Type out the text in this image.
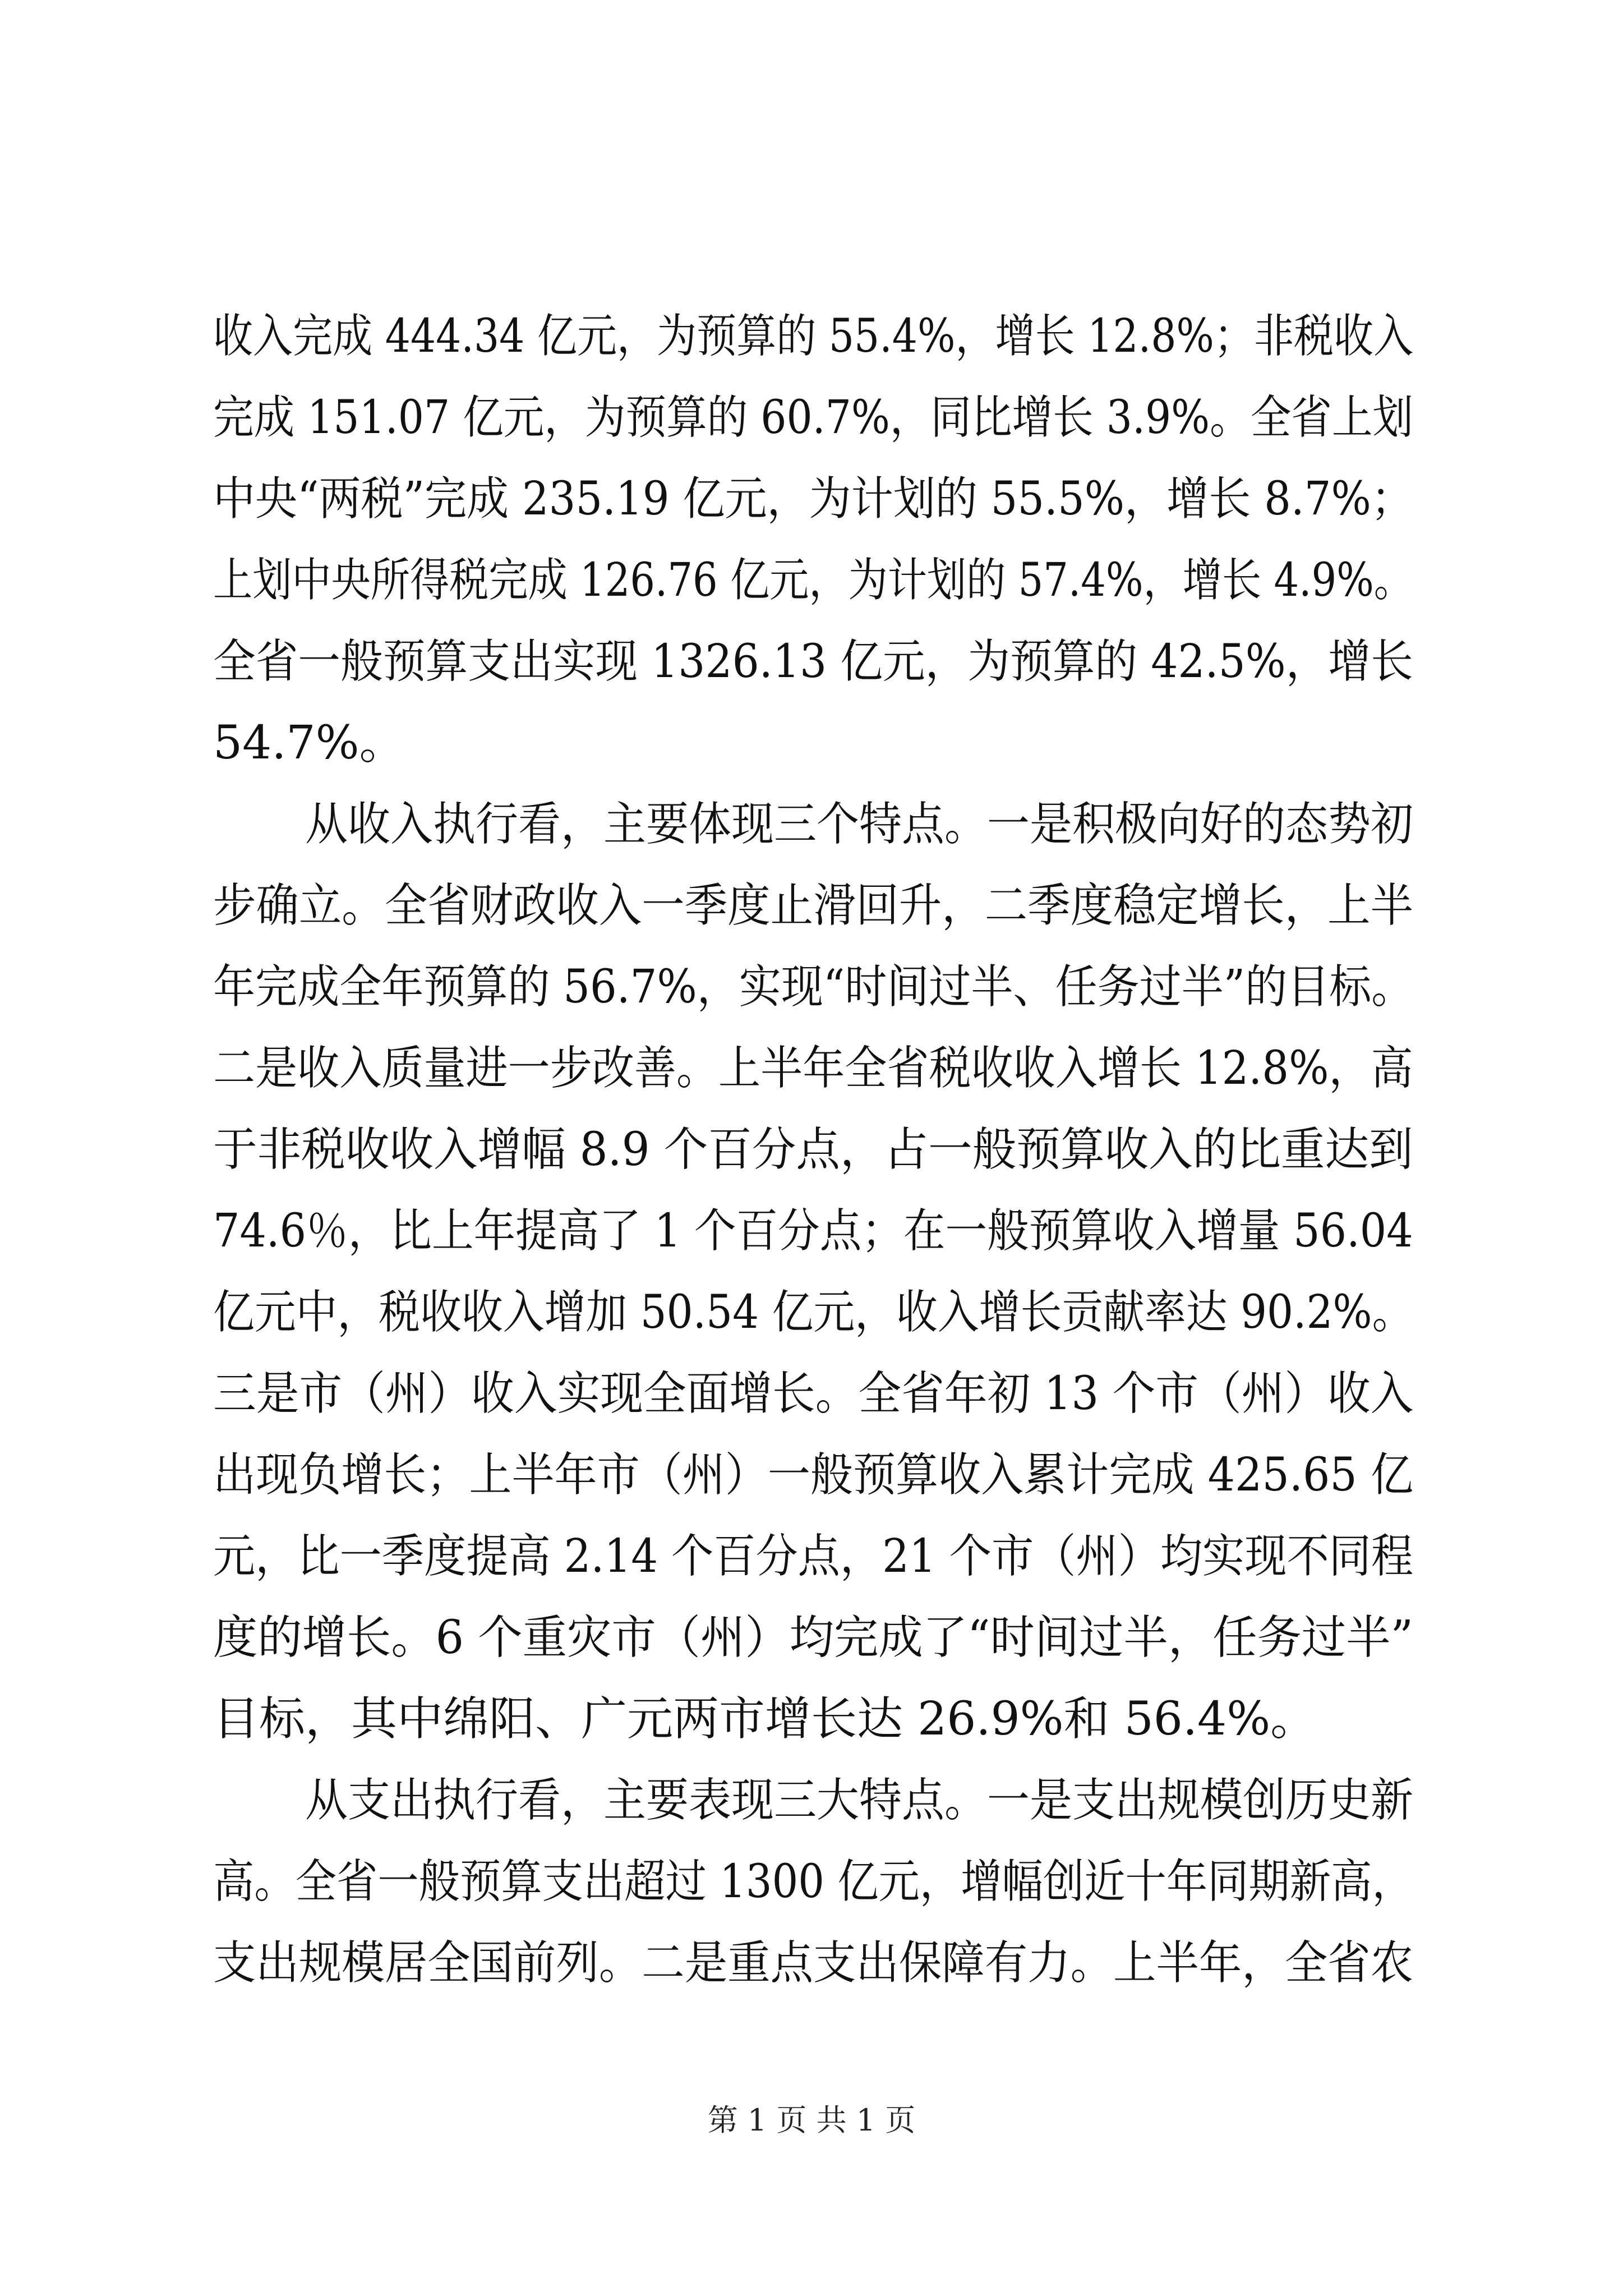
收入完成 444.34 亿元，为预算的 55.4%，增长 12.8%；非税收入
完成 151.07 亿元，为预算的 60.7%，同比增长 3.9%。全省上划
中央“两税”完成 235.19 亿元，为计划的 55.5%，增长 8.7%；
上划中央所得税完成 126.76 亿元，为计划的 57.4%，增长 4.9%。
全省一般预算支出实现 1326.13 亿元，为预算的 42.5%，增长
54.7%。
从收入执行看，主要体现三个特点。一是积极向好的态势初
步确立。全省财政收入一季度止滑回升，二季度稳定增长，上半
年完成全年预算的 56.7%，实现“时间过半、任务过半”的目标。
二是收入质量进一步改善。上半年全省税收收入增长 12.8%，高
于非税收收入增幅 8.9 个百分点，占一般预算收入的比重达到
74.6％，比上年提高了 1 个百分点；在一般预算收入增量 56.04
亿元中，税收收入增加 50.54 亿元，收入增长贡献率达 90.2%。
三是市（州）收入实现全面增长。全省年初 13 个市（州）收入
出现负增长；上半年市（州）一般预算收入累计完成 425.65 亿
元，比一季度提高 2.14 个百分点，21 个市（州）均实现不同程
度的增长。6 个重灾市（州）均完成了“时间过半，任务过半”
目标，其中绵阳、广元两市增长达 26.9%和 56.4%。
从支出执行看，主要表现三大特点。一是支出规模创历史新
高。全省一般预算支出超过 1300 亿元，增幅创近十年同期新高，
支出规模居全国前列。二是重点支出保障有力。上半年，全省农
第 1 页 共 1 页
